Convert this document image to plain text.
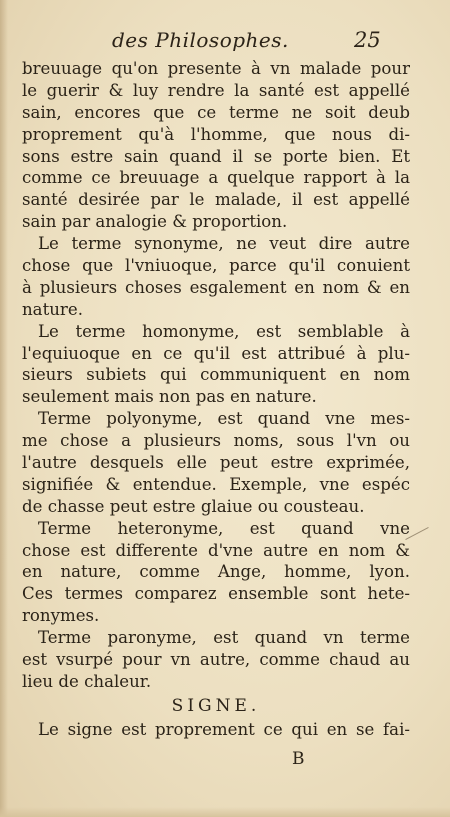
des Philosophes.	25
breuuage qu'on presente à vn malade pour
le guerir & luy rendre la santé est appellé
sain, encores que ce terme ne soit deub
proprement qu'à l'homme, que nous di-
sons estre sain quand il se porte bien. Et
comme ce breuuage a quelque rapport à la
santé desirée par le malade, il est appellé
sain par analogie & proportion.
Le terme synonyme, ne veut dire autre
chose que l'vniuoque, parce qu'il conuient
à plusieurs choses esgalement en nom & en
nature.
Le terme homonyme, est semblable à
l'equiuoque en ce qu'il est attribué à plu-
sieurs subiets qui communiquent en nom
seulement mais non pas en nature.
Terme polyonyme, est quand vne mes-
me chose a plusieurs noms, sous l'vn ou
l'autre desquels elle peut estre exprimée,
signifiée & entendue. Exemple, vne espéc
de chasse peut estre glaiue ou cousteau.
Terme heteronyme, est quand vne
chose est differente d'vne autre en nom &
en nature, comme Ange, homme, lyon.
Ces termes comparez ensemble sont hete-
ronymes.
Terme paronyme, est quand vn terme
est vsurpé pour vn autre, comme chaud au
lieu de chaleur.
SIGNE.
Le signe est proprement ce qui en se fai-
B
